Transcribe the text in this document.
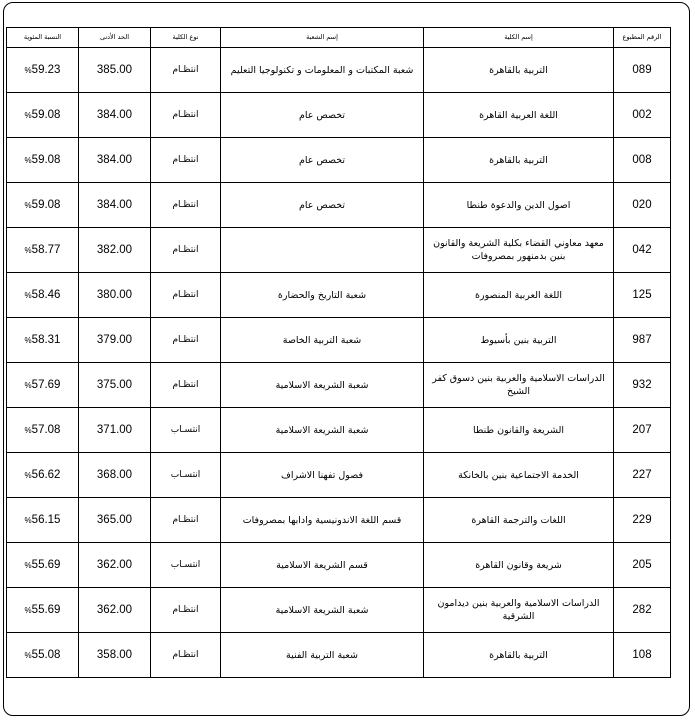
الرقم المطبوع	إسم الكلية	إسم الشعبة	نوع الكلية	الحد الأدنى	النسبة المئوية
089	التربية بالقاهرة	شعبة المكتبات و المعلومات و تكنولوجيا التعليم	انتظـام	385.00	59.23%
002	اللغة العربية القاهرة	تخصص عام	انتظـام	384.00	59.08%
008	التربية بالقاهرة	تخصص عام	انتظـام	384.00	59.08%
020	اصول الدين والدعوة طنطا	تخصص عام	انتظـام	384.00	59.08%
042	معهد معاوني القضاء بكلية الشريعة والقانون بنين بدمنهور بمصروفات		انتظـام	382.00	58.77%
125	اللغة العربية المنصورة	شعبة التاريخ والحضارة	انتظـام	380.00	58.46%
987	التربية بنين بأسيوط	شعبة التربية الخاصة	انتظـام	379.00	58.31%
932	الدراسات الاسلامية والعربية بنين دسوق كفر الشيخ	شعبة الشريعة الاسلامية	انتظـام	375.00	57.69%
207	الشريعة والقانون طنطا	شعبة الشريعة الاسلامية	انتسـاب	371.00	57.08%
227	الخدمة الاجتماعية بنين بالخانكة	فصول تفهنا الاشراف	انتسـاب	368.00	56.62%
229	اللغات والترجمة القاهرة	قسم اللغة الاندونيسية وادابها بمصروفات	انتظـام	365.00	56.15%
205	شريعة وقانون القاهرة	قسم الشريعة الاسلامية	انتسـاب	362.00	55.69%
282	الدراسات الاسلامية والعربية بنين ديدامون الشرقية	شعبة الشريعة الاسلامية	انتظـام	362.00	55.69%
108	التربية بالقاهرة	شعبة التربية الفنية	انتظـام	358.00	55.08%
